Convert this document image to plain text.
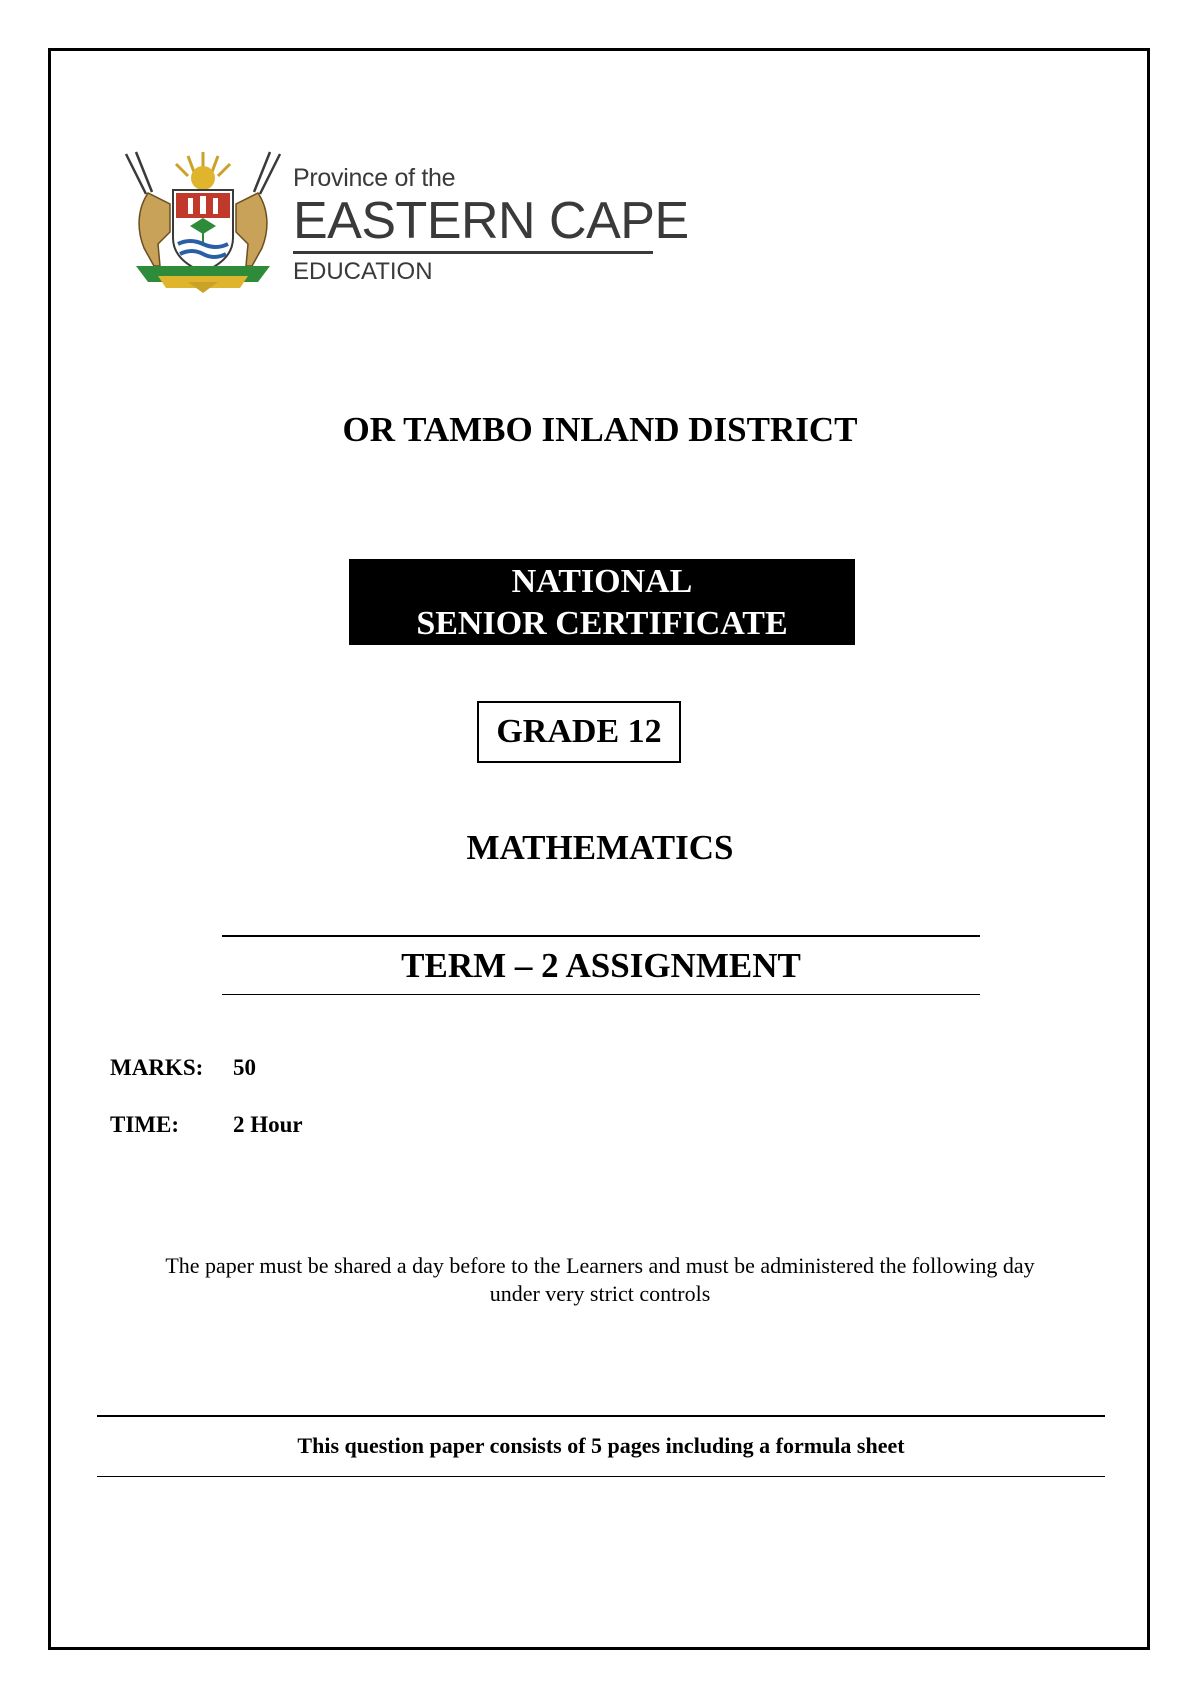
Province of the
EASTERN CAPE
EDUCATION
OR TAMBO INLAND DISTRICT
NATIONAL
SENIOR CERTIFICATE
GRADE 12
MATHEMATICS
TERM – 2 ASSIGNMENT
MARKS: 50
TIME: 2 Hour
The paper must be shared a day before to the Learners and must be administered the following day
under very strict controls
This question paper consists of 5 pages including a formula sheet
